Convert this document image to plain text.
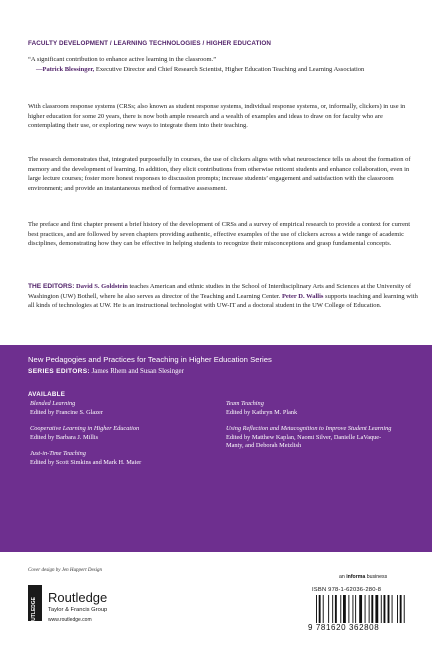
FACULTY DEVELOPMENT / LEARNING TECHNOLOGIES / HIGHER EDUCATION
“A significant contribution to enhance active learning in the classroom.”
—Patrick Blessinger, Executive Director and Chief Research Scientist, Higher Education Teaching and Learning Association
With classroom response systems (CRSs; also known as student response systems, individual response systems, or, informally, clickers) in use in higher education for some 20 years, there is now both ample research and a wealth of examples and ideas to draw on for faculty who are contemplating their use, or exploring new ways to integrate them into their teaching.
The research demonstrates that, integrated purposefully in courses, the use of clickers aligns with what neuroscience tells us about the formation of memory and the development of learning. In addition, they elicit contributions from otherwise reticent students and enhance collaboration, even in large lecture courses; foster more honest responses to discussion prompts; increase students’ engagement and satisfaction with the classroom environment; and provide an instantaneous method of formative assessment.
The preface and first chapter present a brief history of the development of CRSs and a survey of empirical research to provide a context for current best practices, and are followed by seven chapters providing authentic, effective examples of the use of clickers across a wide range of academic disciplines, demonstrating how they can be effective in helping students to recognize their misconceptions and grasp fundamental concepts.
THE EDITORS: David S. Goldstein teaches American and ethnic studies in the School of Interdisciplinary Arts and Sciences at the University of Washington (UW) Bothell, where he also serves as director of the Teaching and Learning Center. Peter D. Wallis supports teaching and learning with all kinds of technologies at UW. He is an instructional technologist with UW-IT and a doctoral student in the UW College of Education.
New Pedagogies and Practices for Teaching in Higher Education Series
SERIES EDITORS: James Rhem and Susan Slesinger
AVAILABLE
Blended Learning
Edited by Francine S. Glazer
Cooperative Learning in Higher Education
Edited by Barbara J. Millis
Just-in-Time Teaching
Edited by Scott Simkins and Mark H. Maier
Team Teaching
Edited by Kathryn M. Plank
Using Reflection and Metacognition to Improve Student Learning
Edited by Matthew Kaplan, Naomi Silver, Danielle LaVaque-Manty, and Deborah Meizlish
Cover design by Jen Huppert Design
ROUTLEDGE Routledge
Taylor & Francis Group
www.routledge.com
an informa business
ISBN 978-1-62036-280-8
9 781620 362808
